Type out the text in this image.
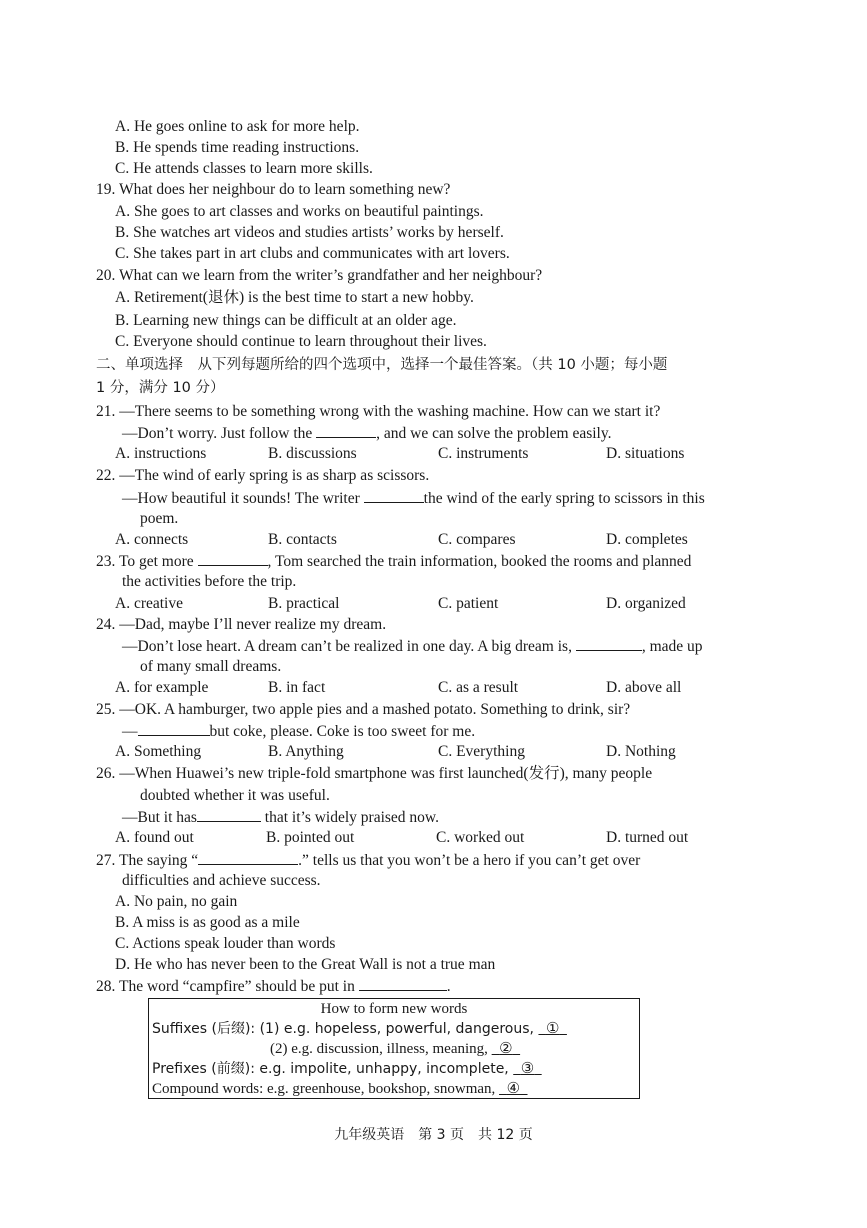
A. He goes online to ask for more help.
B. He spends time reading instructions.
C. He attends classes to learn more skills.
19. What does her neighbour do to learn something new?
A. She goes to art classes and works on beautiful paintings.
B. She watches art videos and studies artists’ works by herself.
C. She takes part in art clubs and communicates with art lovers.
20. What can we learn from the writer’s grandfather and her neighbour?
A. Retirement(退休) is the best time to start a new hobby.
B. Learning new things can be difficult at an older age.
C. Everyone should continue to learn throughout their lives.
二、单项选择　从下列每题所给的四个选项中，选择一个最佳答案。（共 10 小题；每小题
1 分，满分 10 分）
21. —There seems to be something wrong with the washing machine. How can we start it?
—Don’t worry. Just follow the	, and we can solve the problem easily.
A. instructions	B. discussions	C. instruments	D. situations
22. —The wind of early spring is as sharp as scissors.
—How beautiful it sounds! The writer	the wind of the early spring to scissors in this
poem.
A. connects	B. contacts	C. compares	D. completes
23. To get more	, Tom searched the train information, booked the rooms and planned
the activities before the trip.
A. creative	B. practical	C. patient	D. organized
24. —Dad, maybe I’ll never realize my dream.
—Don’t lose heart. A dream can’t be realized in one day. A big dream is,	, made up
of many small dreams.
A. for example	B. in fact	C. as a result	D. above all
25. —OK. A hamburger, two apple pies and a mashed potato. Something to drink, sir?
—	but coke, please. Coke is too sweet for me.
A. Something	B. Anything	C. Everything	D. Nothing
26. —When Huawei’s new triple-fold smartphone was first launched(发行), many people
doubted whether it was useful.
—But it has	that it’s widely praised now.
A. found out	B. pointed out	C. worked out	D. turned out
27. The saying “	.” tells us that you won’t be a hero if you can’t get over
difficulties and achieve success.
A. No pain, no gain
B. A miss is as good as a mile
C. Actions speak louder than words
D. He who has never been to the Great Wall is not a true man
28. The word “campfire” should be put in	.
How to form new words
Suffixes (后缀): (1) e.g. hopeless, powerful, dangerous,   ①
(2) e.g. discussion, illness, meaning,   ②
Prefixes (前缀): e.g. impolite, unhappy, incomplete,   ③
Compound words: e.g. greenhouse, bookshop, snowman,   ④
九年级英语　第 3 页　共 12 页
